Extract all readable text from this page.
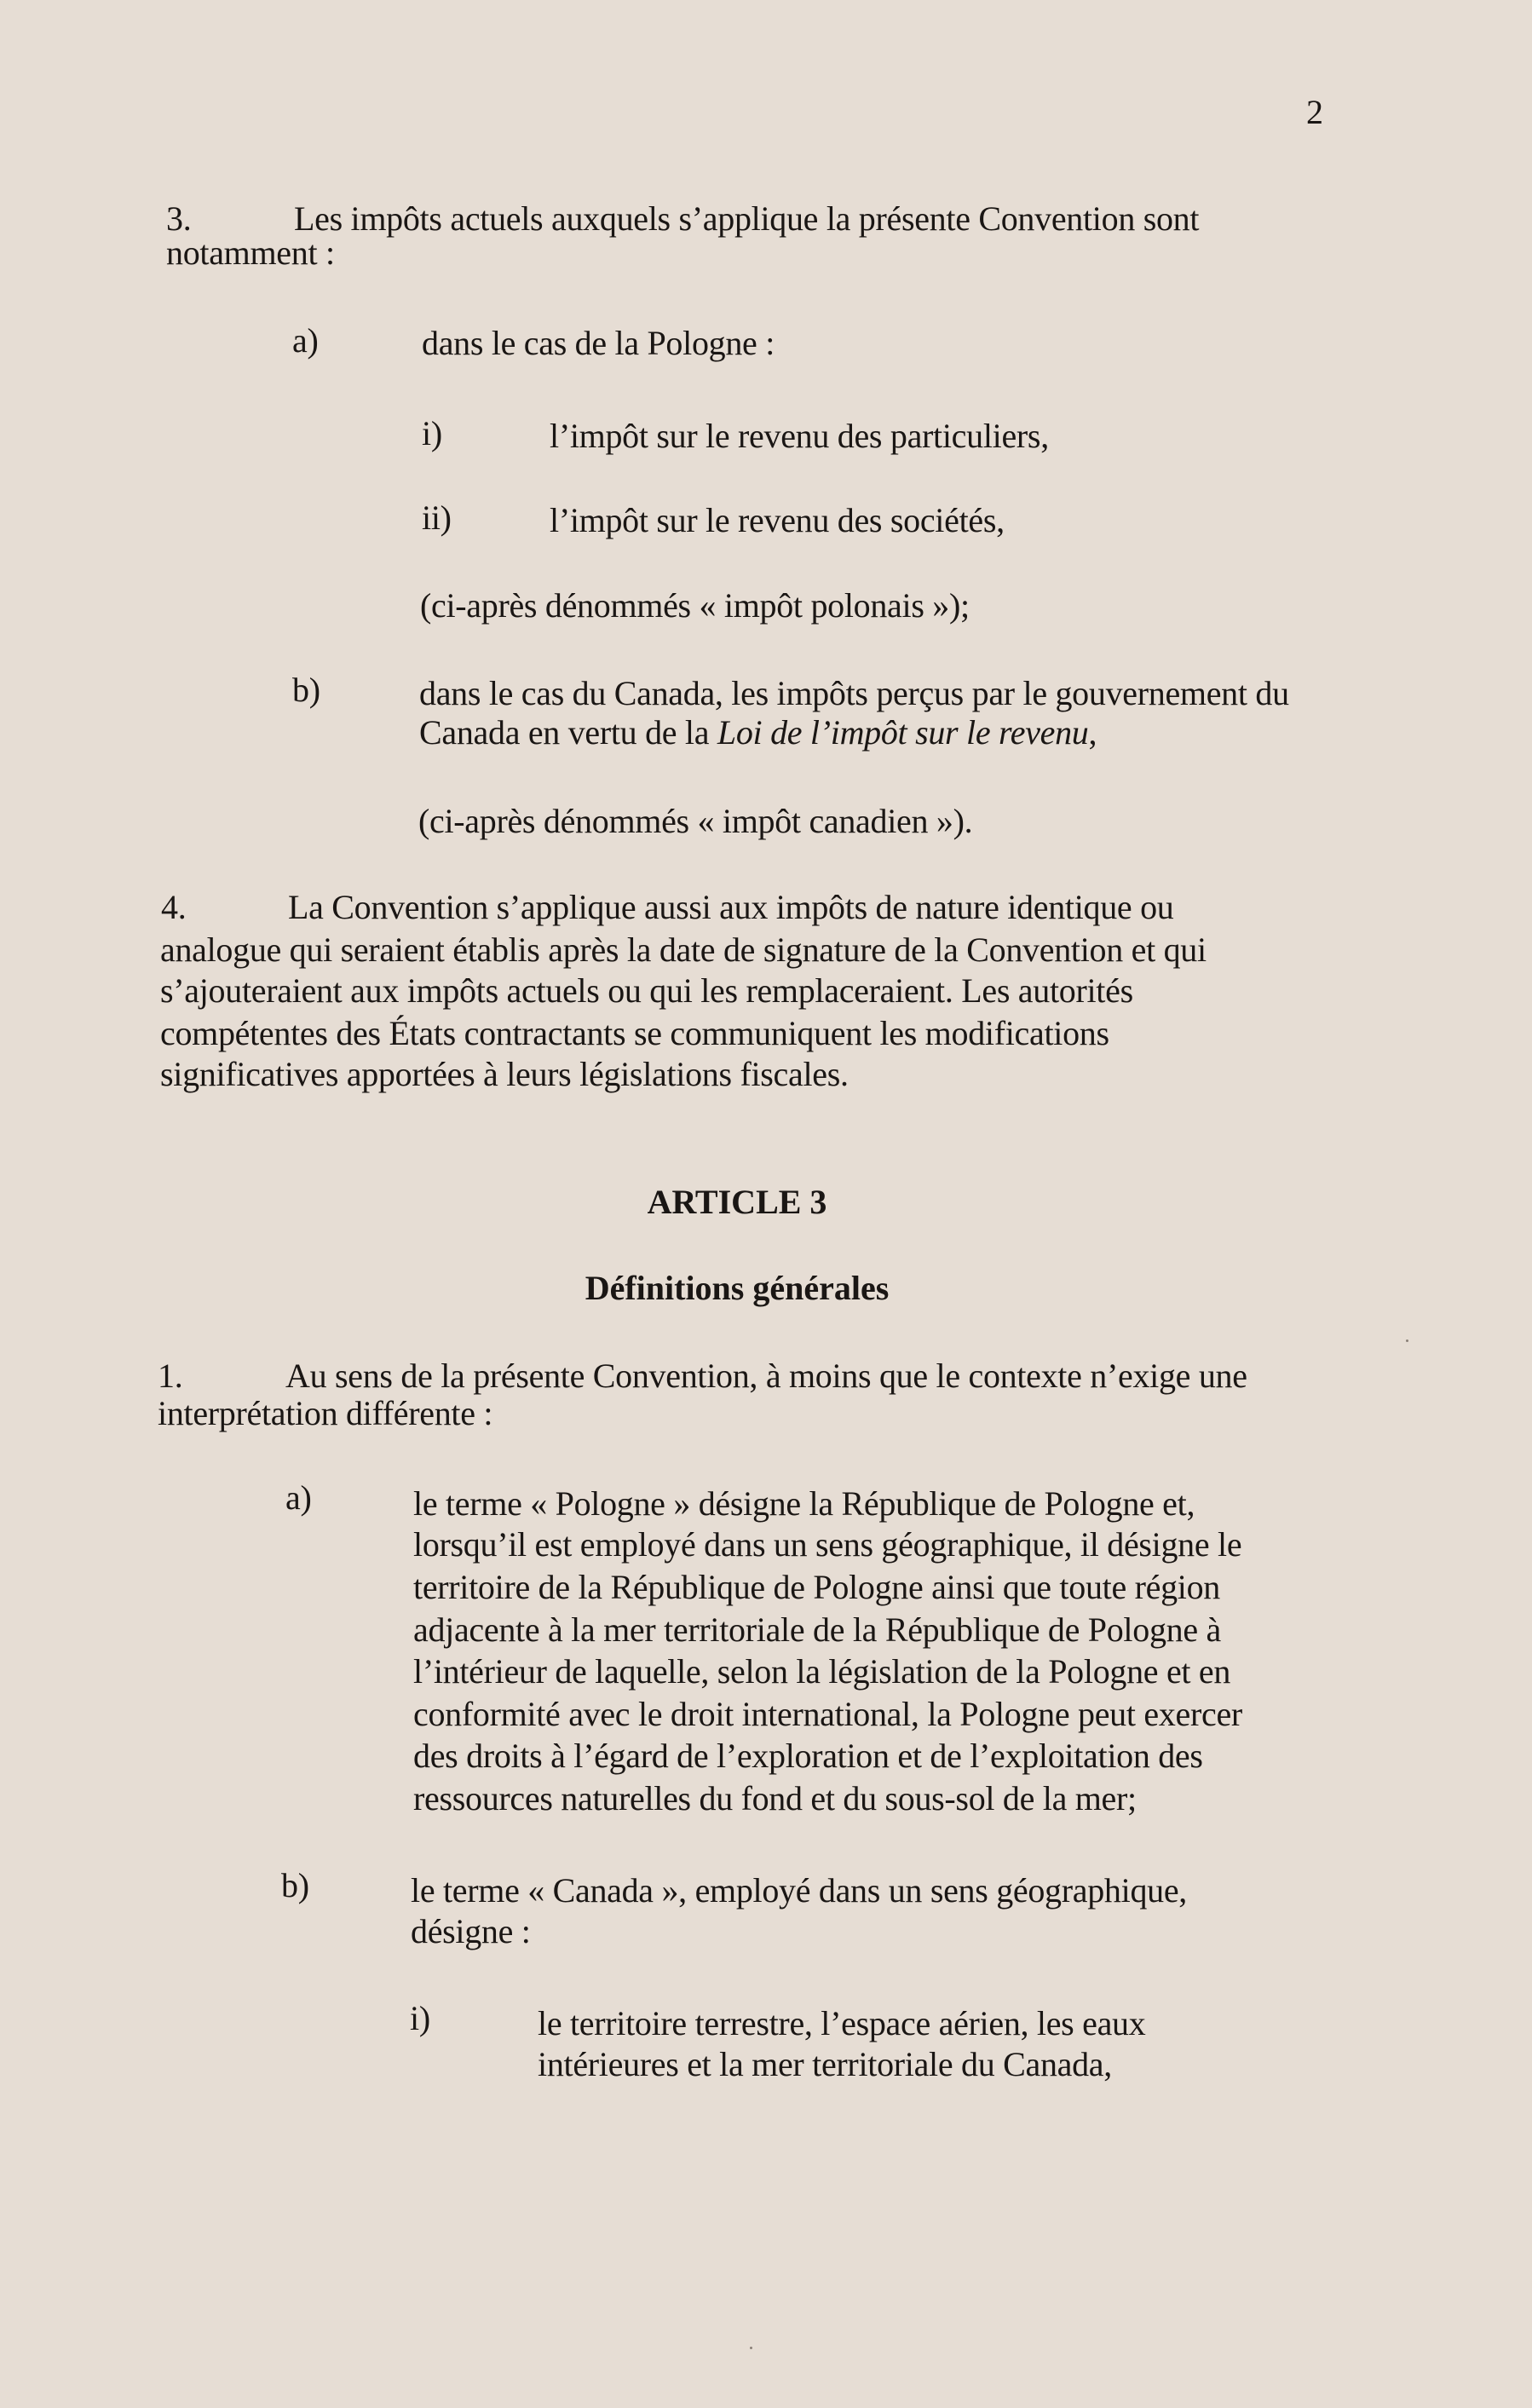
2
3.	Les impôts actuels auxquels s’applique la présente Convention sont
notamment :
a)	dans le cas de la Pologne :
i)	l’impôt sur le revenu des particuliers,
ii)	l’impôt sur le revenu des sociétés,
(ci-après dénommés « impôt polonais »);
b)	dans le cas du Canada, les impôts perçus par le gouvernement du
Canada en vertu de la Loi de l’impôt sur le revenu,
(ci-après dénommés « impôt canadien »).
4.	La Convention s’applique aussi aux impôts de nature identique ou
analogue qui seraient établis après la date de signature de la Convention et qui
s’ajouteraient aux impôts actuels ou qui les remplaceraient. Les autorités
compétentes des États contractants se communiquent les modifications
significatives apportées à leurs législations fiscales.
ARTICLE 3
Définitions générales
1.	Au sens de la présente Convention, à moins que le contexte n’exige une
interprétation différente :
a)	le terme « Pologne » désigne la République de Pologne et,
lorsqu’il est employé dans un sens géographique, il désigne le
territoire de la République de Pologne ainsi que toute région
adjacente à la mer territoriale de la République de Pologne à
l’intérieur de laquelle, selon la législation de la Pologne et en
conformité avec le droit international, la Pologne peut exercer
des droits à l’égard de l’exploration et de l’exploitation des
ressources naturelles du fond et du sous-sol de la mer;
b)	le terme « Canada », employé dans un sens géographique,
désigne :
i)	le territoire terrestre, l’espace aérien, les eaux
intérieures et la mer territoriale du Canada,
